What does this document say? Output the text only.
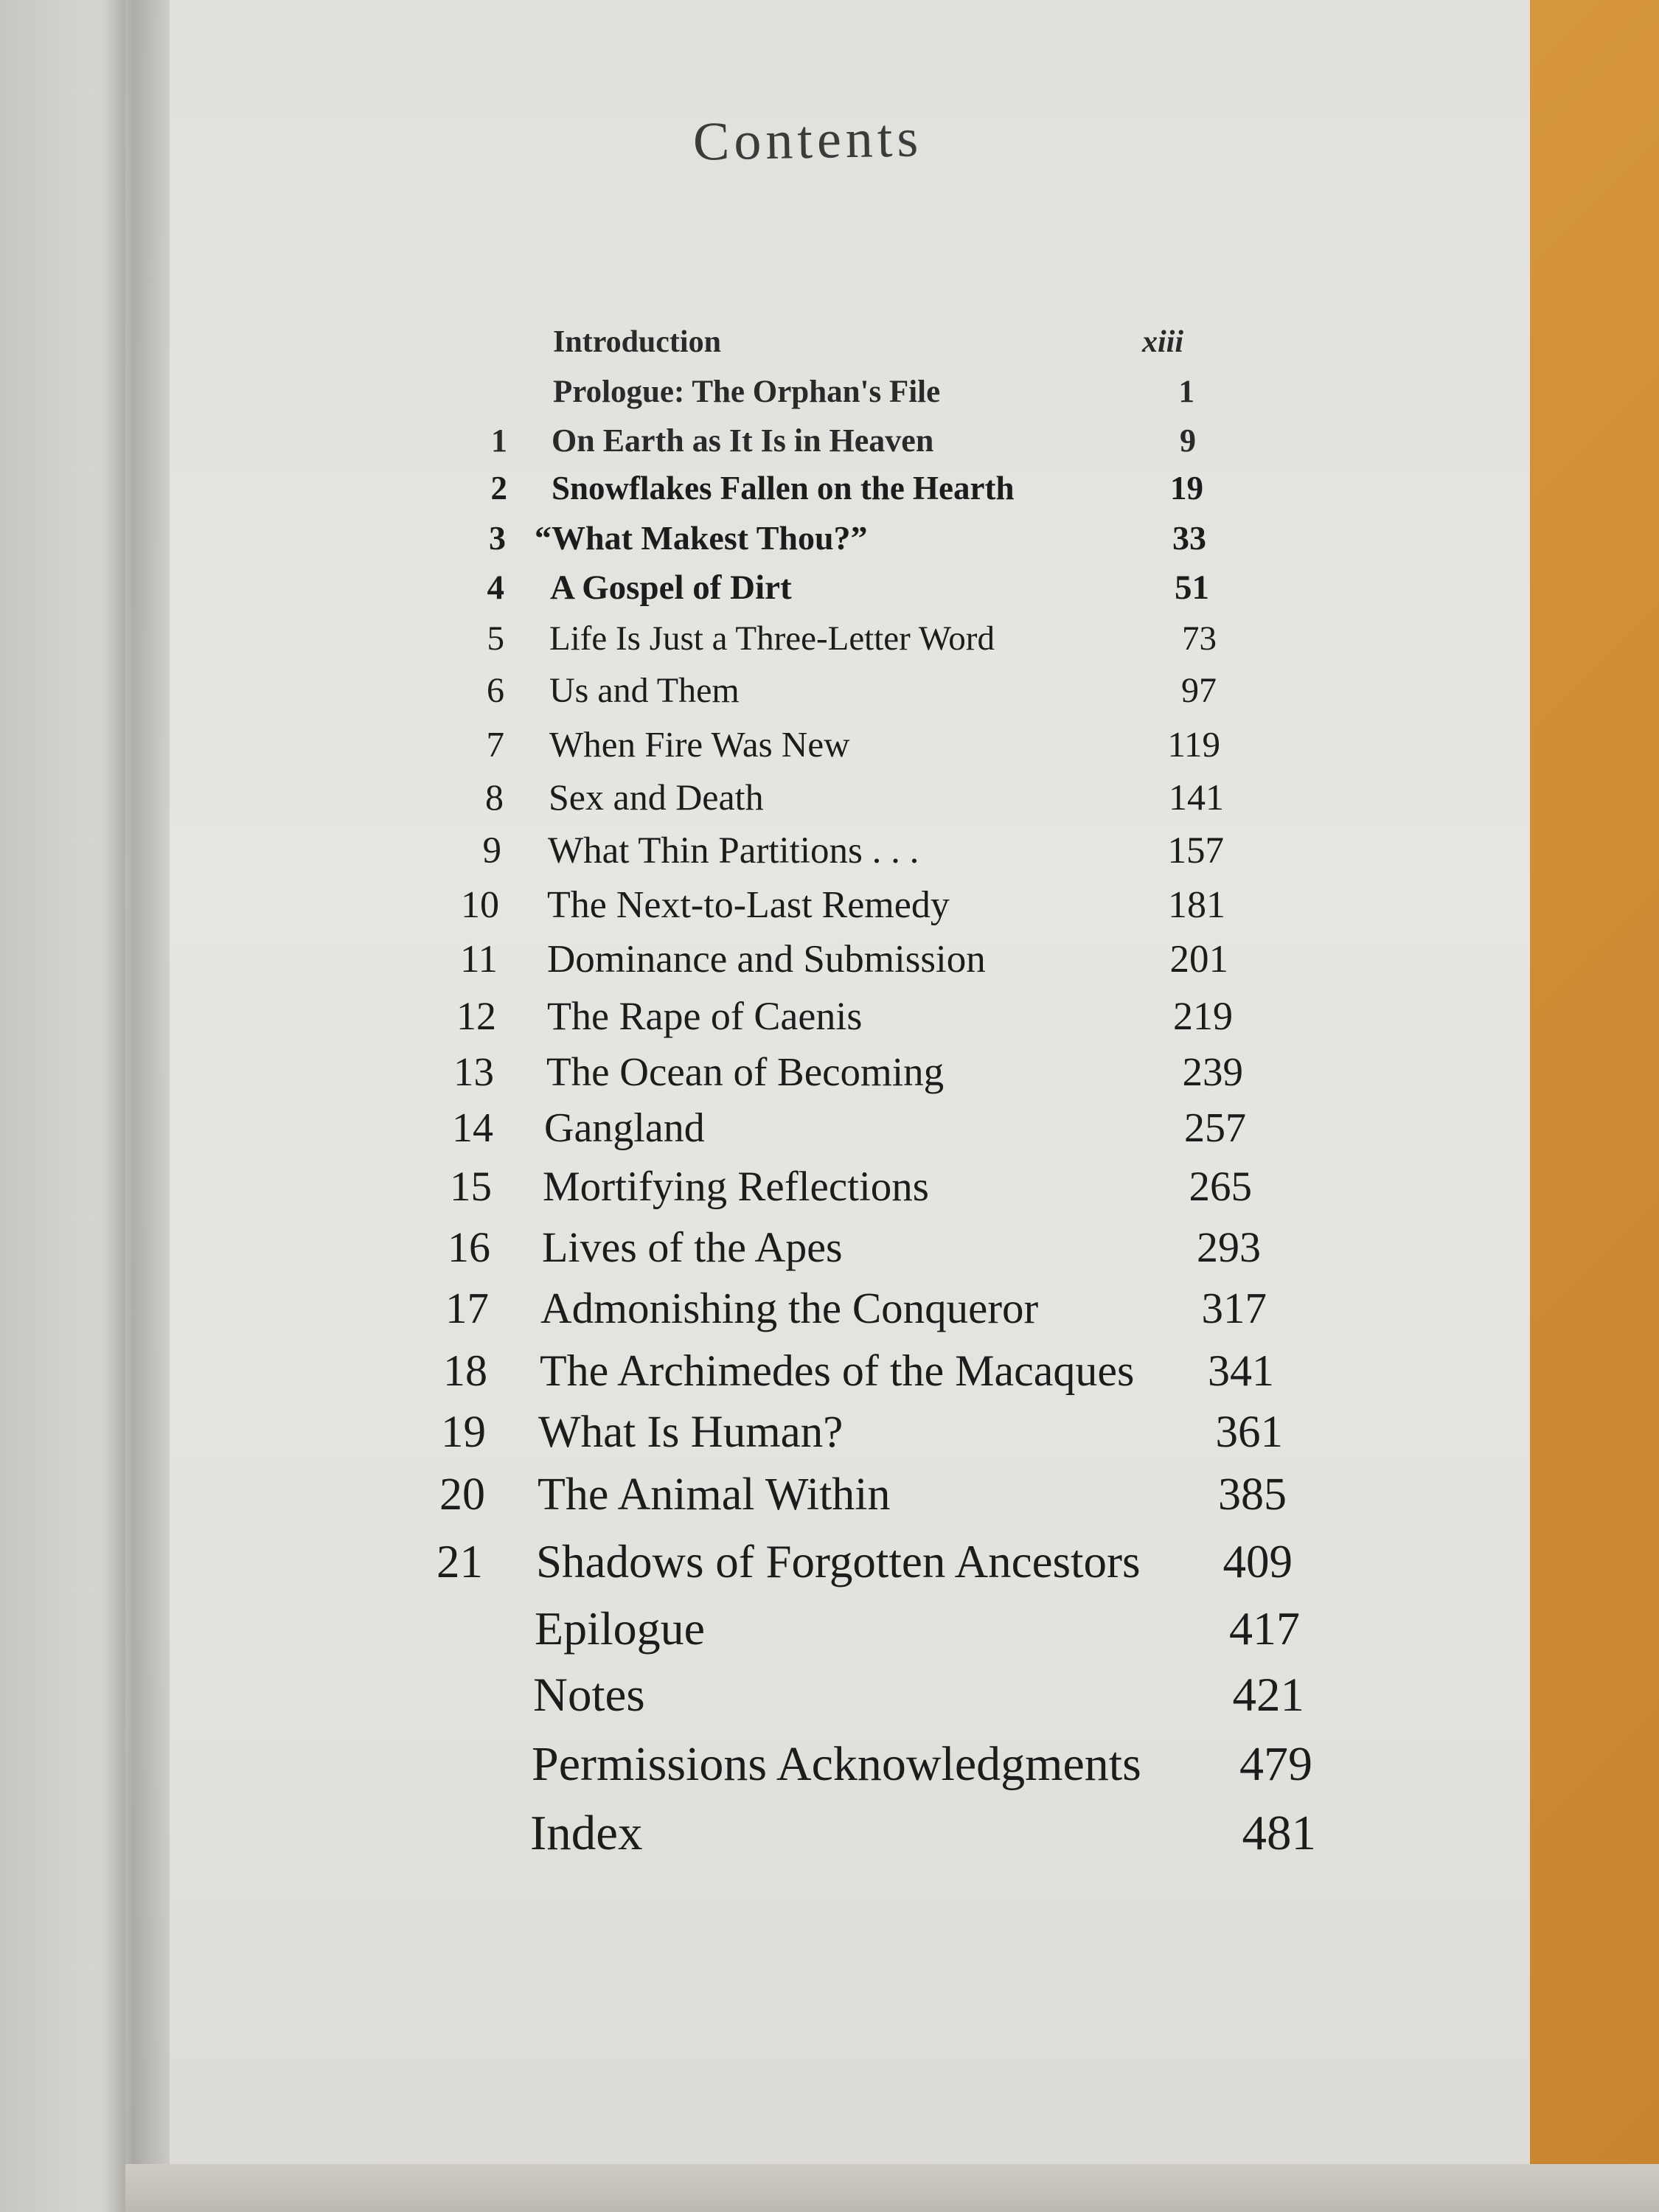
Contents
Introduction	xiii
Prologue: The Orphan's File	1
1 On Earth as It Is in Heaven	9
2 Snowflakes Fallen on the Hearth	19
3 “What Makest Thou?”	33
4 A Gospel of Dirt	51
5 Life Is Just a Three-Letter Word	73
6 Us and Them	97
7 When Fire Was New	119
8 Sex and Death	141
9 What Thin Partitions . . .	157
10 The Next-to-Last Remedy	181
11 Dominance and Submission	201
12 The Rape of Caenis	219
13 The Ocean of Becoming	239
14 Gangland	257
15 Mortifying Reflections	265
16 Lives of the Apes	293
17 Admonishing the Conqueror	317
18 The Archimedes of the Macaques	341
19 What Is Human?	361
20 The Animal Within	385
21 Shadows of Forgotten Ancestors	409
Epilogue	417
Notes	421
Permissions Acknowledgments	479
Index	481
